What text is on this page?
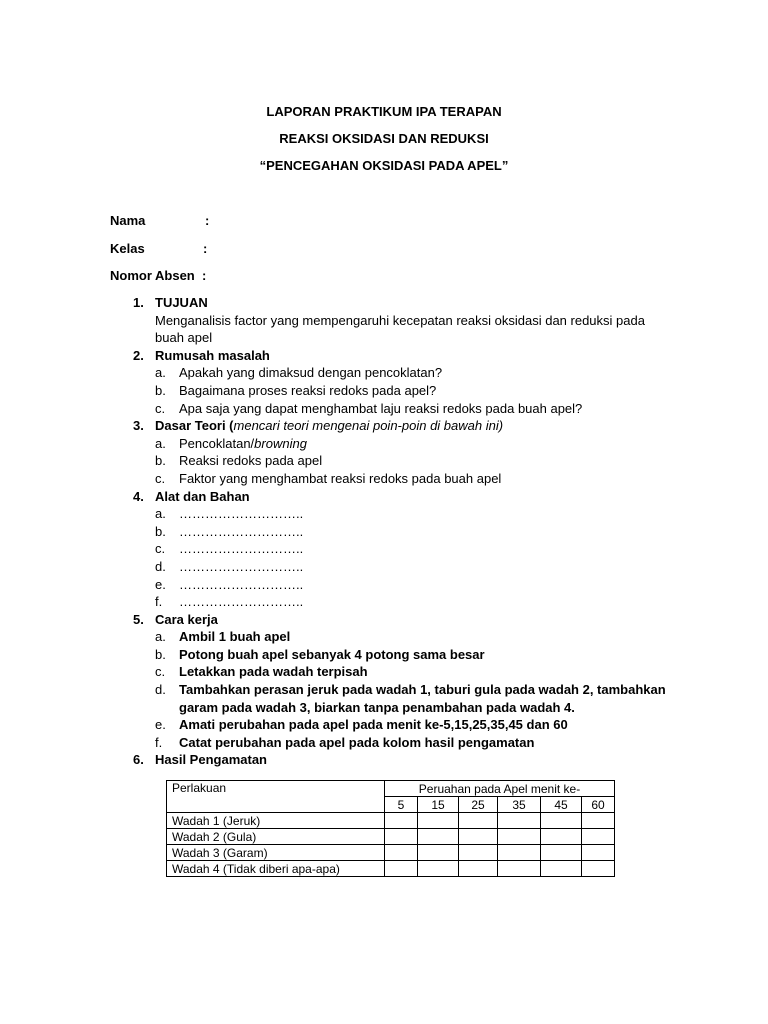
LAPORAN PRAKTIKUM IPA TERAPAN
REAKSI OKSIDASI DAN REDUKSI
“PENCEGAHAN OKSIDASI PADA APEL”
Nama	:
Kelas	:
Nomor Absen :
1. TUJUAN
Menganalisis factor yang mempengaruhi kecepatan reaksi oksidasi dan reduksi pada buah apel
2. Rumusah masalah
a. Apakah yang dimaksud dengan pencoklatan?
b. Bagaimana proses reaksi redoks pada apel?
c. Apa saja yang dapat menghambat laju reaksi redoks pada buah apel?
3. Dasar Teori (mencari teori mengenai poin-poin di bawah ini)
a. Pencoklatan/browning
b. Reaksi redoks pada apel
c. Faktor yang menghambat reaksi redoks pada buah apel
4. Alat dan Bahan
a. ………………………..
b. ………………………..
c. ………………………..
d. ………………………..
e. ………………………..
f. ………………………..
5. Cara kerja
a. Ambil 1 buah apel
b. Potong buah apel sebanyak 4 potong sama besar
c. Letakkan pada wadah terpisah
d. Tambahkan perasan jeruk pada wadah 1, taburi gula pada wadah 2, tambahkan garam pada wadah 3, biarkan tanpa penambahan pada wadah 4.
e. Amati perubahan pada apel pada menit ke-5,15,25,35,45 dan 60
f. Catat perubahan pada apel pada kolom hasil pengamatan
6. Hasil Pengamatan
Perlakuan	Peruahan pada Apel menit ke-					
	5	15	25	35	45	60
Wadah 1 (Jeruk)						
Wadah 2 (Gula)						
Wadah 3 (Garam)						
Wadah 4 (Tidak diberi apa-apa)						
